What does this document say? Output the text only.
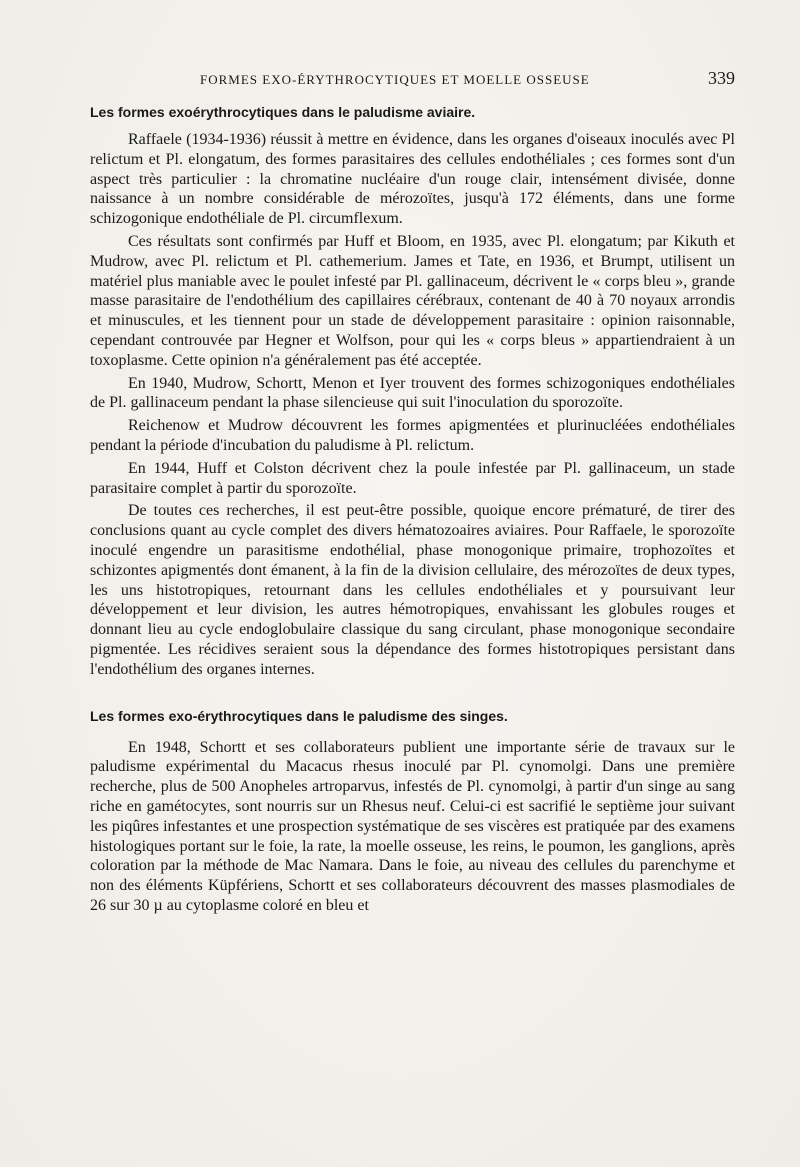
FORMES EXO-ÉRYTHROCYTIQUES ET MOELLE OSSEUSE	339
Les formes exoérythrocytiques dans le paludisme aviaire.

Raffaele (1934-1936) réussit à mettre en évidence, dans les organes d'oiseaux inoculés avec Pl relictum et Pl. elongatum, des formes parasitaires des cellules endothéliales ; ces formes sont d'un aspect très particulier : la chromatine nucléaire d'un rouge clair, intensément divisée, donne naissance à un nombre considérable de mérozoïtes, jusqu'à 172 éléments, dans une forme schizogonique endothéliale de Pl. circumflexum.

Ces résultats sont confirmés par Huff et Bloom, en 1935, avec Pl. elongatum; par Kikuth et Mudrow, avec Pl. relictum et Pl. cathemerium. James et Tate, en 1936, et Brumpt, utilisent un matériel plus maniable avec le poulet infesté par Pl. gallinaceum, décrivent le « corps bleu », grande masse parasitaire de l'endothélium des capillaires cérébraux, contenant de 40 à 70 noyaux arrondis et minuscules, et les tiennent pour un stade de développement parasitaire : opinion raisonnable, cependant controuvée par Hegner et Wolfson, pour qui les « corps bleus » appartiendraient à un toxoplasme. Cette opinion n'a généralement pas été acceptée.

En 1940, Mudrow, Schortt, Menon et Iyer trouvent des formes schizogoniques endothéliales de Pl. gallinaceum pendant la phase silencieuse qui suit l'inoculation du sporozoïte.

Reichenow et Mudrow découvrent les formes apigmentées et plurinucléées endothéliales pendant la période d'incubation du paludisme à Pl. relictum.

En 1944, Huff et Colston décrivent chez la poule infestée par Pl. gallinaceum, un stade parasitaire complet à partir du sporozoïte.

De toutes ces recherches, il est peut-être possible, quoique encore prématuré, de tirer des conclusions quant au cycle complet des divers hématozoaires aviaires. Pour Raffaele, le sporozoïte inoculé engendre un parasitisme endothélial, phase monogonique primaire, trophozoïtes et schizontes apigmentés dont émanent, à la fin de la division cellulaire, des mérozoïtes de deux types, les uns histotropiques, retournant dans les cellules endothéliales et y poursuivant leur développement et leur division, les autres hémotropiques, envahissant les globules rouges et donnant lieu au cycle endoglobulaire classique du sang circulant, phase monogonique secondaire pigmentée. Les récidives seraient sous la dépendance des formes histotropiques persistant dans l'endothélium des organes internes.

Les formes exo-érythrocytiques dans le paludisme des singes.

En 1948, Schortt et ses collaborateurs publient une importante série de travaux sur le paludisme expérimental du Macacus rhesus inoculé par Pl. cynomolgi. Dans une première recherche, plus de 500 Anopheles artroparvus, infestés de Pl. cynomolgi, à partir d'un singe au sang riche en gamétocytes, sont nourris sur un Rhesus neuf. Celui-ci est sacrifié le septième jour suivant les piqûres infestantes et une prospection systématique de ses viscères est pratiquée par des examens histologiques portant sur le foie, la rate, la moelle osseuse, les reins, le poumon, les ganglions, après coloration par la méthode de Mac Namara. Dans le foie, au niveau des cellules du parenchyme et non des éléments Küpfériens, Schortt et ses collaborateurs découvrent des masses plasmodiales de 26 sur 30 µ au cytoplasme coloré en bleu et
